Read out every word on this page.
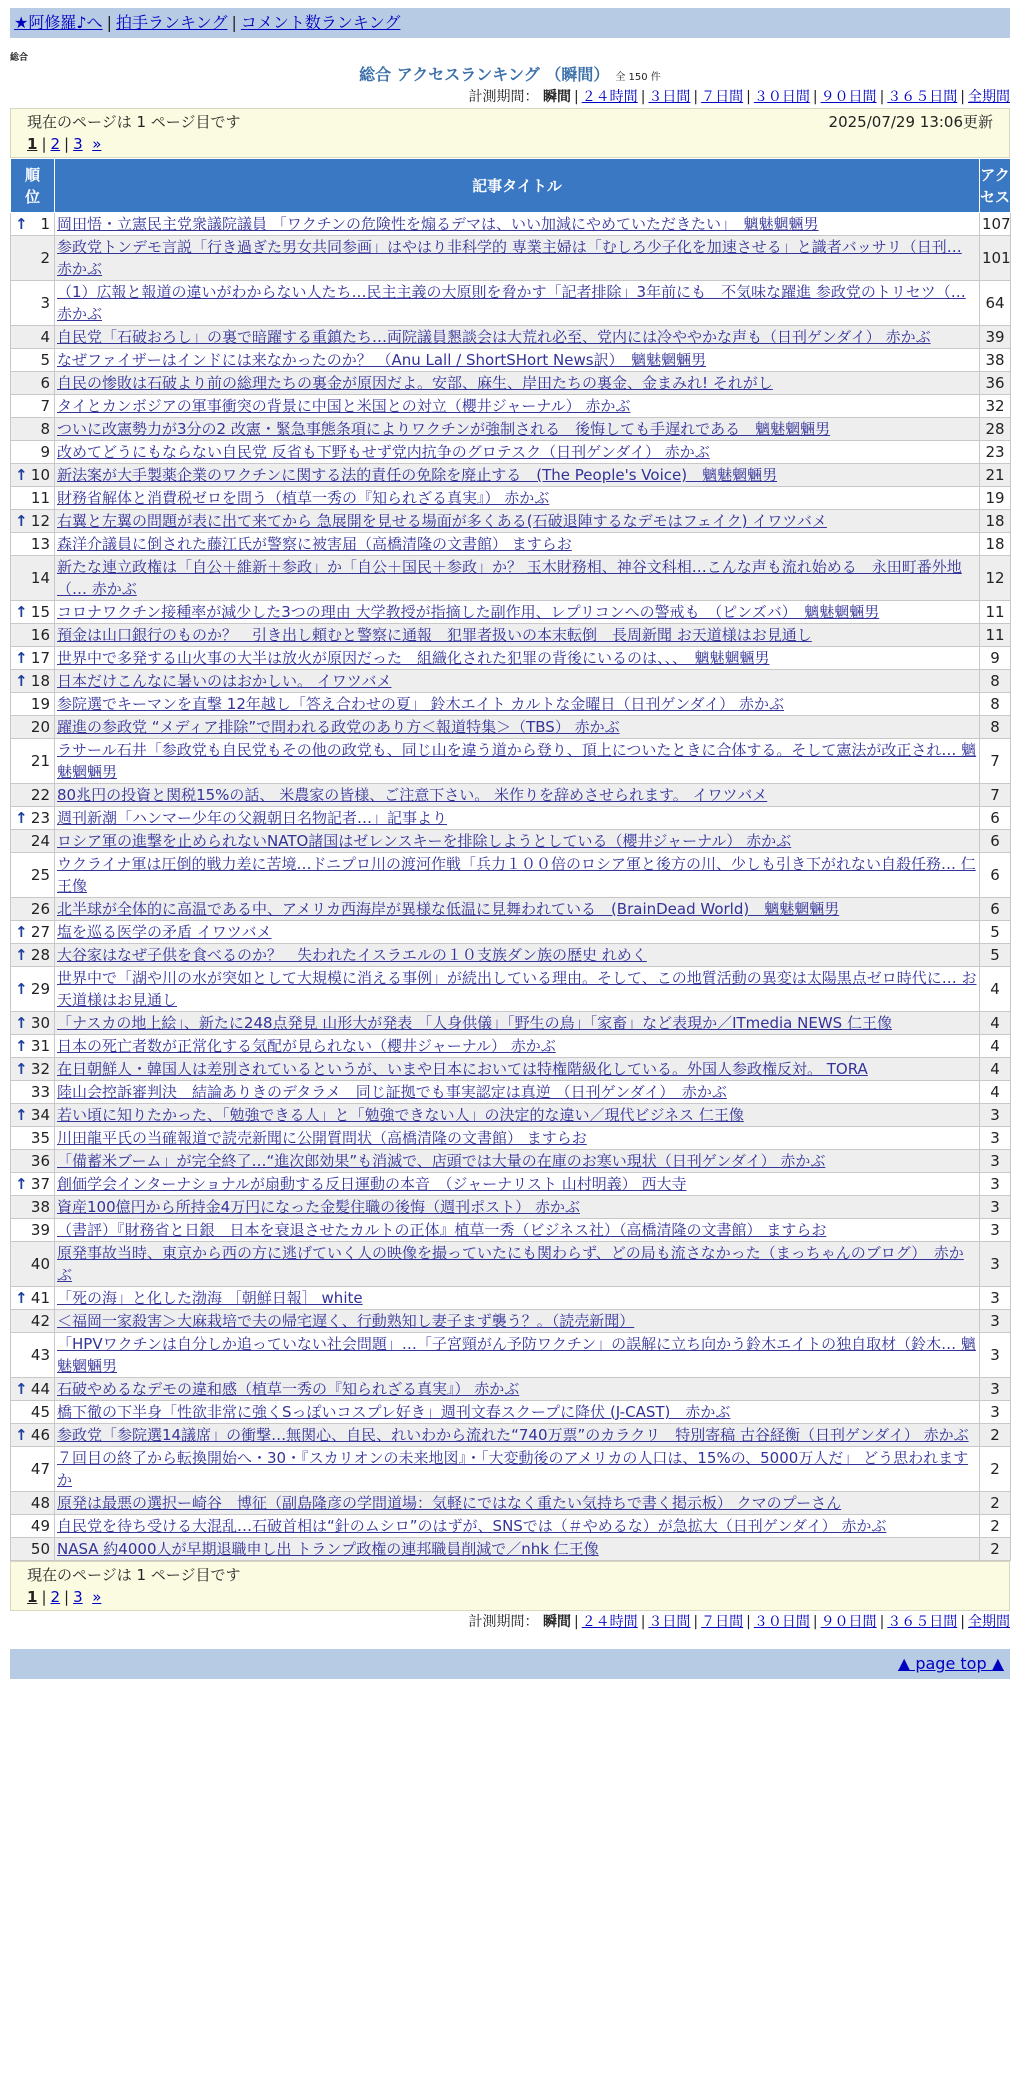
★阿修羅♪へ | 拍手ランキング | コメント数ランキング
総合
総合 アクセスランキング （瞬間） 全 150 件
計測期間： 瞬間 | ２４時間 | ３日間 | ７日間 | ３０日間 | ９０日間 | ３６５日間 | 全期間
現在のページは 1 ページ目です	2025/07/29 13:06更新
1 | 2 | 3 »
順位	記事タイトル	アクセス

↑ 1	岡田悟・立憲民主党衆議院議員 「ワクチンの危険性を煽るデマは、いい加減にやめていただきたい」　魑魅魍魎男	107
2	参政党トンデモ言説「行き過ぎた男女共同参画」はやはり非科学的 専業主婦は「むしろ少子化を加速させる」と識者バッサリ（日刊… 赤かぶ	101
3	（1）広報と報道の違いがわからない人たち…民主主義の大原則を脅かす「記者排除」3年前にも　不気味な躍進 参政党のトリセツ（… 赤かぶ	64
4	自民党「石破おろし」の裏で暗躍する重鎮たち…両院議員懇談会は大荒れ必至、党内には冷ややかな声も（日刊ゲンダイ） 赤かぶ	39
5	なぜファイザーはインドには来なかったのか？ （Anu Lall / ShortSHort News訳）　魑魅魍魎男	38
6	自民の惨敗は石破より前の総理たちの裏金が原因だよ。安部、麻生、岸田たちの裏金、金まみれ! それがし	36
7	タイとカンボジアの軍事衝突の背景に中国と米国との対立（櫻井ジャーナル） 赤かぶ	32
8	ついに改憲勢力が3分の2 改憲・緊急事態条項によりワクチンが強制される　後悔しても手遅れである　魑魅魍魎男	28
9	改めてどうにもならない自民党 反省も下野もせず党内抗争のグロテスク（日刊ゲンダイ） 赤かぶ	23

↑ 10	新法案が大手製薬企業のワクチンに関する法的責任の免除を廃止する　(The People's Voice)　魑魅魍魎男	21
11	財務省解体と消費税ゼロを問う（植草一秀の『知られざる真実』） 赤かぶ	19

↑ 12	右翼と左翼の問題が表に出て来てから 急展開を見せる場面が多くある(石破退陣するなデモはフェイク) イワツバメ	18
13	森洋介議員に倒された藤江氏が警察に被害届（高橋清隆の文書館） ますらお	18
14	新たな連立政権は「自公＋維新＋参政」か「自公＋国民＋参政」か？ 玉木財務相、神谷文科相…こんな声も流れ始める　永田町番外地（… 赤かぶ	12

↑ 15	コロナワクチン接種率が減少した3つの理由 大学教授が指摘した副作用、レプリコンへの警戒も　（ピンズバ）　魑魅魍魎男	11
16	預金は山口銀行のものか？　引き出し頼むと警察に通報　犯罪者扱いの本末転倒　長周新聞 お天道様はお見通し	11

↑ 17	世界中で多発する山火事の大半は放火が原因だった　組織化された犯罪の背後にいるのは、、、　魑魅魍魎男	9

↑ 18	日本だけこんなに暑いのはおかしい。 イワツバメ	8
19	参院選でキーマンを直撃 12年越し「答え合わせの夏」 鈴木エイト カルトな金曜日（日刊ゲンダイ） 赤かぶ	8
20	躍進の参政党 “メディア排除”で問われる政党のあり方＜報道特集＞（TBS） 赤かぶ	8
21	ラサール石井「参政党も自民党もその他の政党も、同じ山を違う道から登り、頂上についたときに合体する。そして憲法が改正され… 魑魅魍魎男	7
22	80兆円の投資と関税15%の話、 米農家の皆様、ご注意下さい。 米作りを辞めさせられます。 イワツバメ	7

↑ 23	週刊新潮「ハンマー少年の父親朝日名物記者…」記事より	6
24	ロシア軍の進撃を止められないNATO諸国はゼレンスキーを排除しようとしている（櫻井ジャーナル） 赤かぶ	6
25	ウクライナ軍は圧倒的戦力差に苦境…ドニプロ川の渡河作戦「兵力１００倍のロシア軍と後方の川、少しも引き下がれない自殺任務… 仁王像	6
26	北半球が全体的に高温である中、アメリカ西海岸が異様な低温に見舞われている　(BrainDead World)　魑魅魍魎男	6

↑ 27	塩を巡る医学の矛盾 イワツバメ	5

↑ 28	大谷家はなぜ子供を食べるのか？　失われたイスラエルの１０支族ダン族の歴史 れめく	5

↑ 29	世界中で「湖や川の水が突如として大規模に消える事例」が続出している理由。そして、この地質活動の異変は太陽黒点ゼロ時代に… お天道様はお見通し	4

↑ 30	「ナスカの地上絵」、新たに248点発見 山形大が発表 「人身供儀」「野生の鳥」「家畜」など表現か／ITmedia NEWS 仁王像	4

↑ 31	日本の死亡者数が正常化する気配が見られない（櫻井ジャーナル） 赤かぶ	4

↑ 32	在日朝鮮人・韓国人は差別されているというが、いまや日本においては特権階級化している。外国人参政権反対。 TORA	4
33	陸山会控訴審判決　結論ありきのデタラメ　同じ証拠でも事実認定は真逆 （日刊ゲンダイ）　赤かぶ	4

↑ 34	若い頃に知りたかった、「勉強できる人」と「勉強できない人」の決定的な違い／現代ビジネス 仁王像	3
35	川田龍平氏の当確報道で読売新聞に公開質問状（高橋清隆の文書館） ますらお	3
36	「備蓄米ブーム」が完全終了…“進次郎効果”も消滅で、店頭では大量の在庫のお寒い現状（日刊ゲンダイ） 赤かぶ	3

↑ 37	創価学会インターナショナルが扇動する反日運動の本音　（ジャーナリスト 山村明義） 西大寺	3
38	資産100億円から所持金4万円になった金髪住職の後悔（週刊ポスト） 赤かぶ	3
39	（書評）『財務省と日銀　日本を衰退させたカルトの正体』植草一秀（ビジネス社）（高橋清隆の文書館） ますらお	3
40	原発事故当時、東京から西の方に逃げていく人の映像を撮っていたにも関わらず、どの局も流さなかった（まっちゃんのブログ）　赤かぶ	3

↑ 41	「死の海」と化した渤海 ［朝鮮日報］ white	3
42	＜福岡一家殺害＞大麻栽培で夫の帰宅遅く、行動熟知し妻子まず襲う？。（読売新聞）	3
43	「HPVワクチンは自分しか追っていない社会問題」…「子宮頸がん予防ワクチン」の誤解に立ち向かう鈴木エイトの独自取材（鈴木… 魑魅魍魎男	3

↑ 44	石破やめるなデモの違和感（植草一秀の『知られざる真実』） 赤かぶ	3
45	橋下徹の下半身「性欲非常に強くSっぽいコスプレ好き」週刊文春スクープに降伏 (J-CAST)　赤かぶ	3

↑ 46	参政党「参院選14議席」の衝撃…無関心、自民、れいわから流れた“740万票”のカラクリ　特別寄稿 古谷経衡（日刊ゲンダイ） 赤かぶ	2
47	７回目の終了から転換開始へ・30・『スカリオンの未来地図』・「大変動後のアメリカの人口は、15%の、5000万人だ」 どう思われますか	2
48	原発は最悪の選択ー崎谷　博征（副島隆彦の学問道場：気軽にではなく重たい気持ちで書く掲示板） クマのプーさん	2
49	自民党を待ち受ける大混乱…石破首相は“針のムシロ”のはずが、SNSでは（＃やめるな）が急拡大（日刊ゲンダイ） 赤かぶ	2
50	NASA 約4000人が早期退職申し出 トランプ政権の連邦職員削減で／nhk 仁王像	2
現在のページは 1 ページ目です
1 | 2 | 3 »
計測期間： 瞬間 | ２４時間 | ３日間 | ７日間 | ３０日間 | ９０日間 | ３６５日間 | 全期間
▲ page top ▲
